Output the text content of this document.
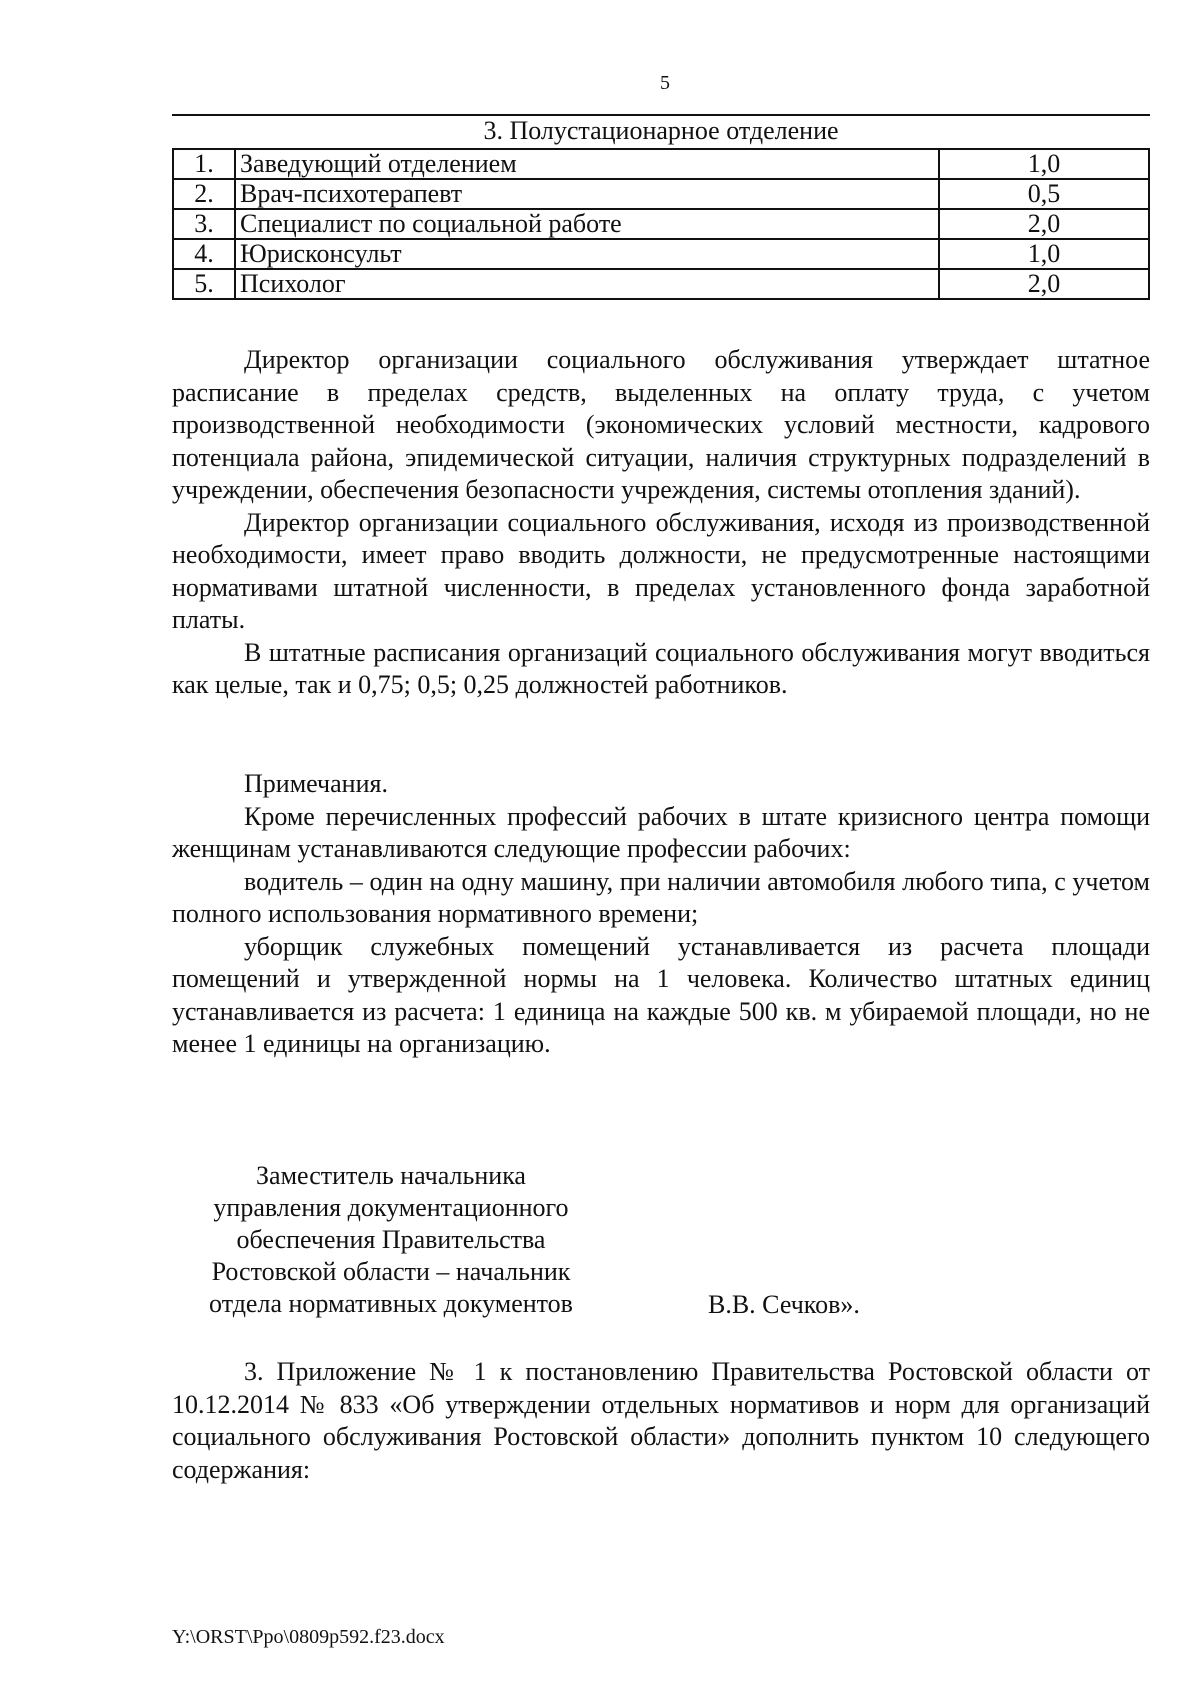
5
3. Полустационарное отделение
1.	Заведующий отделением	1,0
2.	Врач-психотерапевт	0,5
3.	Специалист по социальной работе	2,0
4.	Юрисконсульт	1,0
5.	Психолог	2,0

Директор организации социального обслуживания утверждает штатное расписание в пределах средств, выделенных на оплату труда, с учетом производственной необходимости (экономических условий местности, кадрового потенциала района, эпидемической ситуации, наличия структурных подразделений в учреждении, обеспечения безопасности учреждения, системы отопления зданий).

Директор организации социального обслуживания, исходя из производственной необходимости, имеет право вводить должности, не предусмотренные настоящими нормативами штатной численности, в пределах установленного фонда заработной платы.

В штатные расписания организаций социального обслуживания могут вводиться как целые, так и 0,75; 0,5; 0,25 должностей работников.

Примечания.

Кроме перечисленных профессий рабочих в штате кризисного центра помощи женщинам устанавливаются следующие профессии рабочих:

водитель – один на одну машину, при наличии автомобиля любого типа, с учетом полного использования нормативного времени;

уборщик служебных помещений устанавливается из расчета площади помещений и утвержденной нормы на 1 человека. Количество штатных единиц устанавливается из расчета: 1 единица на каждые 500 кв. м убираемой площади, но не менее 1 единицы на организацию.

Заместитель начальника
управления документационного
обеспечения Правительства
Ростовской области – начальник
отдела нормативных документов	В.В. Сечков».

3. Приложение № 1 к постановлению Правительства Ростовской области от 10.12.2014 № 833 «Об утверждении отдельных нормативов и норм для организаций социального обслуживания Ростовской области» дополнить пунктом 10 следующего содержания:

Y:\ORST\Ppo\0809p592.f23.docx
